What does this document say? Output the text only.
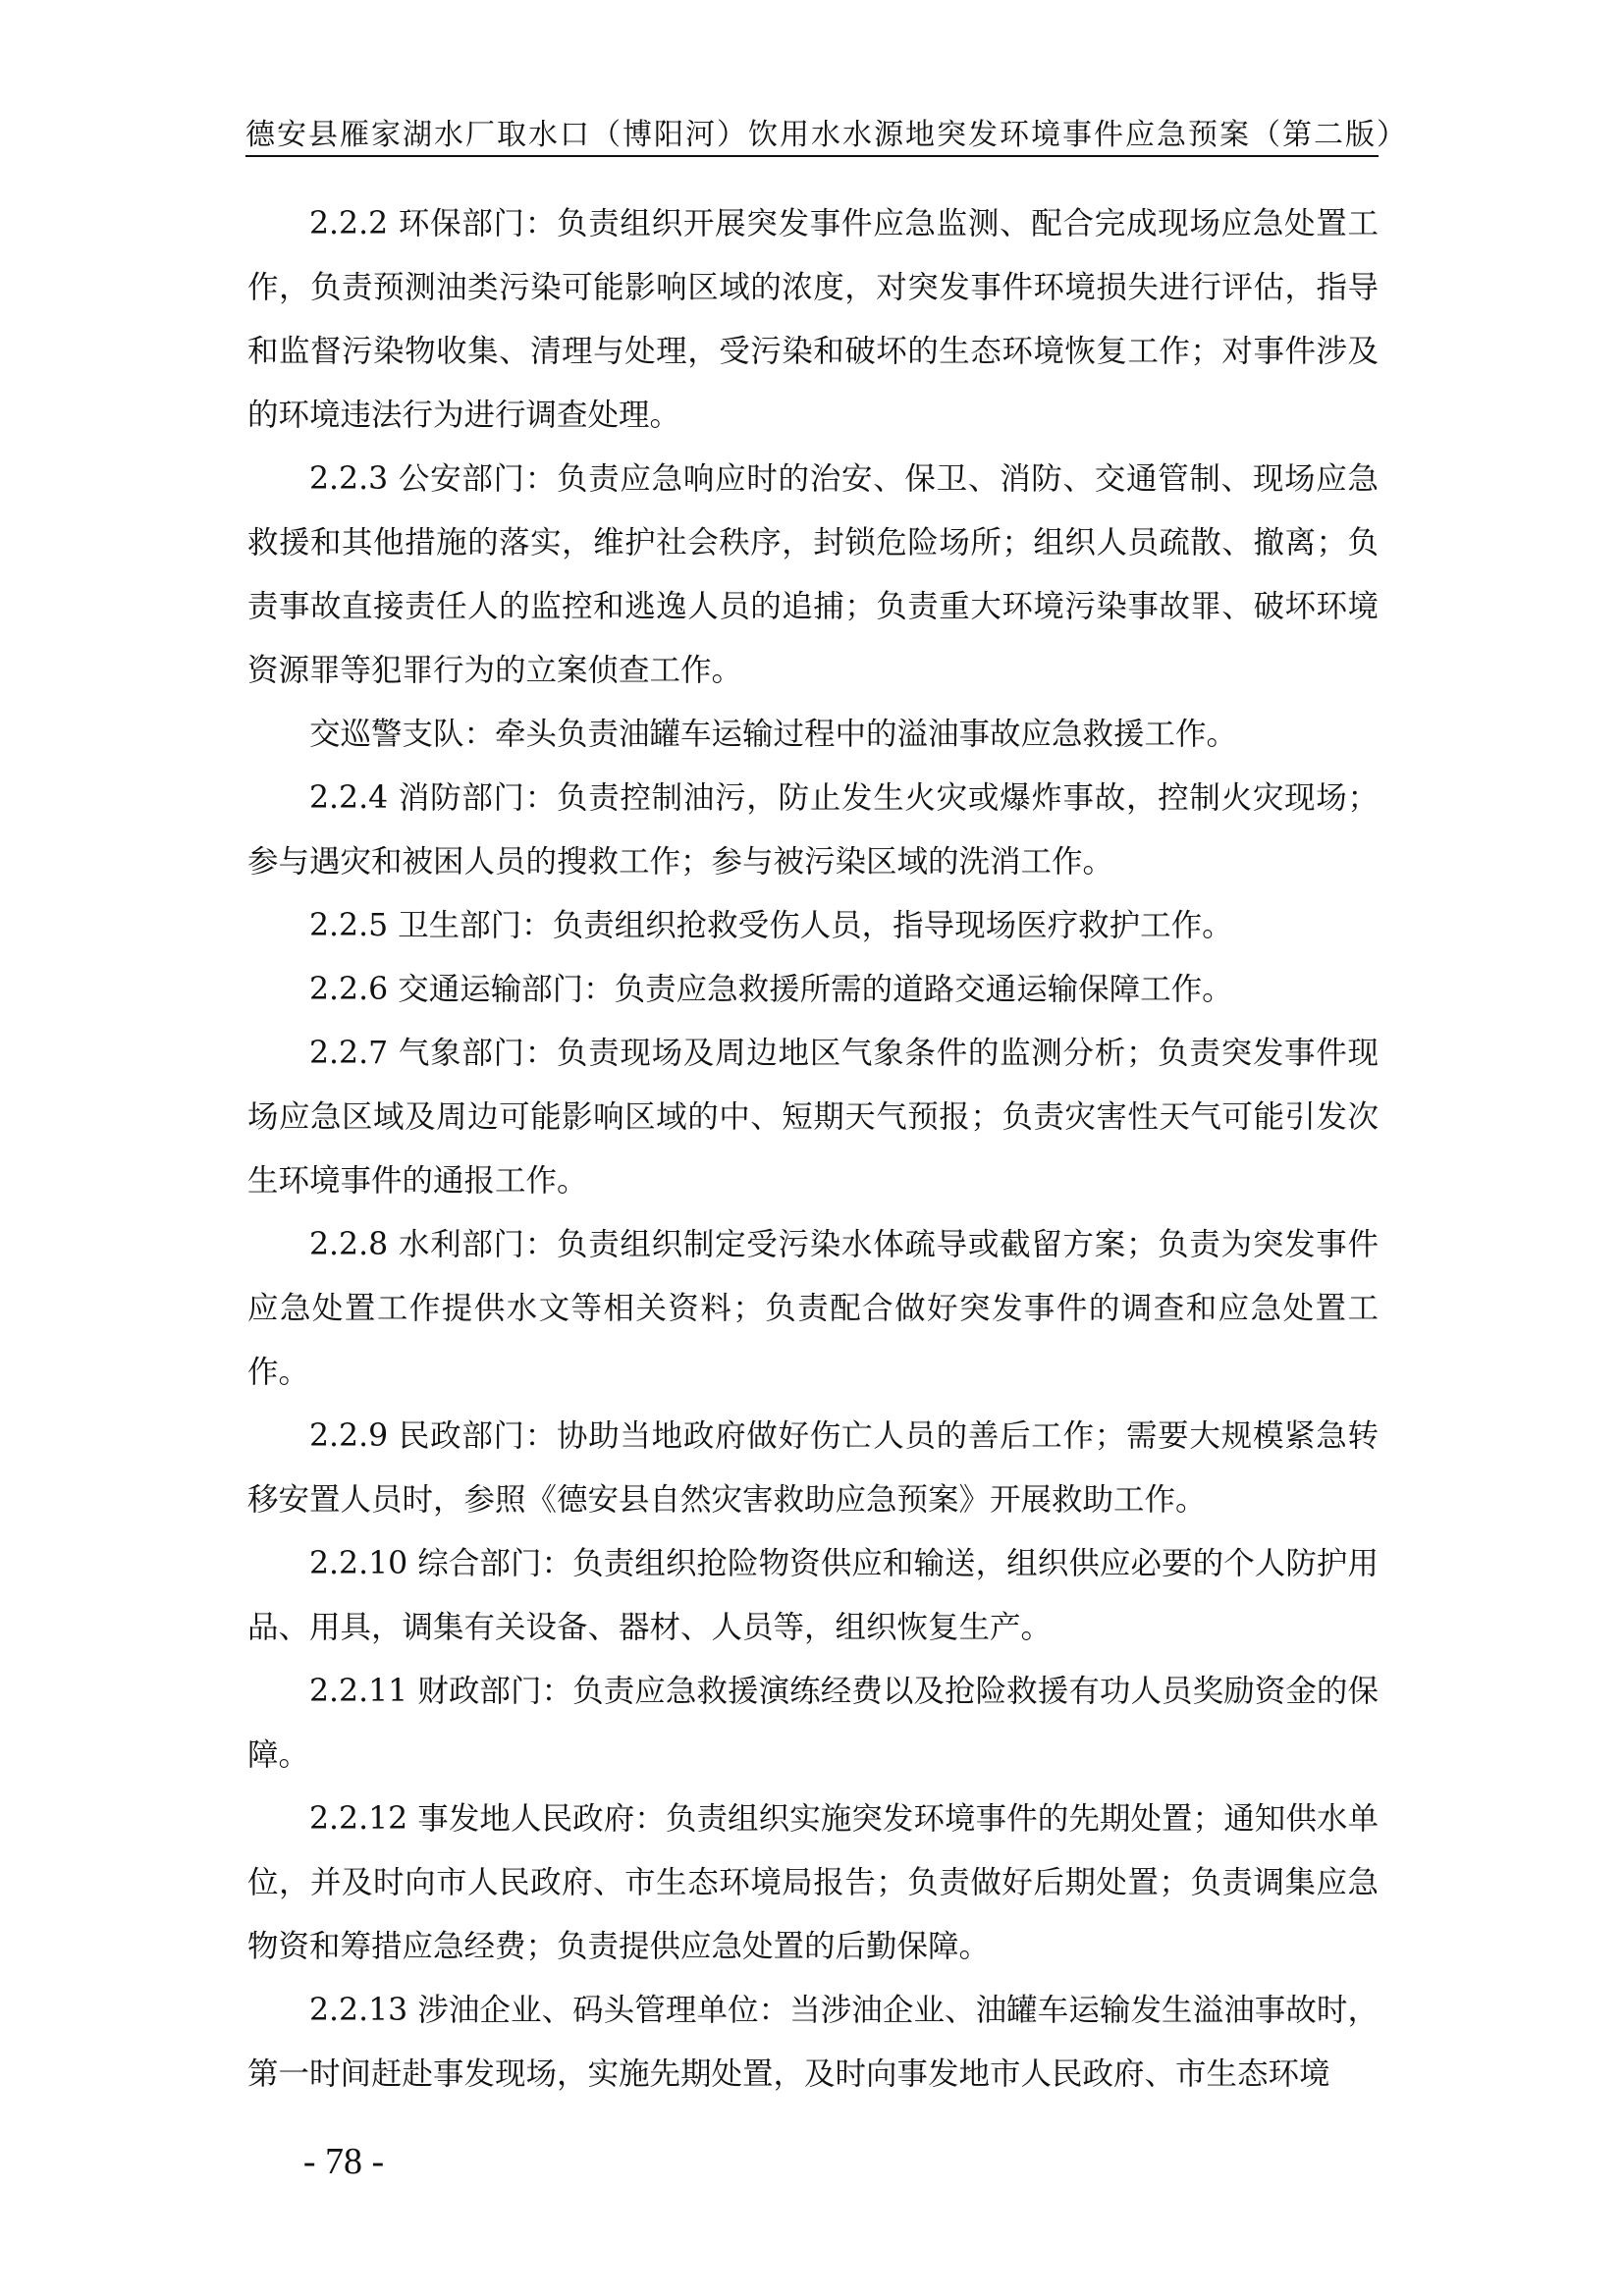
德安县雁家湖水厂取水口（博阳河）饮用水水源地突发环境事件应急预案（第二版）

2.2.2 环保部门：负责组织开展突发事件应急监测、配合完成现场应急处置工作，负责预测油类污染可能影响区域的浓度，对突发事件环境损失进行评估，指导和监督污染物收集、清理与处理，受污染和破坏的生态环境恢复工作；对事件涉及的环境违法行为进行调查处理。

2.2.3 公安部门：负责应急响应时的治安、保卫、消防、交通管制、现场应急救援和其他措施的落实，维护社会秩序，封锁危险场所；组织人员疏散、撤离；负责事故直接责任人的监控和逃逸人员的追捕；负责重大环境污染事故罪、破坏环境资源罪等犯罪行为的立案侦查工作。

交巡警支队：牵头负责油罐车运输过程中的溢油事故应急救援工作。

2.2.4 消防部门：负责控制油污，防止发生火灾或爆炸事故，控制火灾现场；参与遇灾和被困人员的搜救工作；参与被污染区域的洗消工作。

2.2.5 卫生部门：负责组织抢救受伤人员，指导现场医疗救护工作。

2.2.6 交通运输部门：负责应急救援所需的道路交通运输保障工作。

2.2.7 气象部门：负责现场及周边地区气象条件的监测分析；负责突发事件现场应急区域及周边可能影响区域的中、短期天气预报；负责灾害性天气可能引发次生环境事件的通报工作。

2.2.8 水利部门：负责组织制定受污染水体疏导或截留方案；负责为突发事件应急处置工作提供水文等相关资料；负责配合做好突发事件的调查和应急处置工作。

2.2.9 民政部门：协助当地政府做好伤亡人员的善后工作；需要大规模紧急转移安置人员时，参照《德安县自然灾害救助应急预案》开展救助工作。

2.2.10 综合部门：负责组织抢险物资供应和输送，组织供应必要的个人防护用品、用具，调集有关设备、器材、人员等，组织恢复生产。

2.2.11 财政部门：负责应急救援演练经费以及抢险救援有功人员奖励资金的保障。

2.2.12 事发地人民政府：负责组织实施突发环境事件的先期处置；通知供水单位，并及时向市人民政府、市生态环境局报告；负责做好后期处置；负责调集应急物资和筹措应急经费；负责提供应急处置的后勤保障。

2.2.13 涉油企业、码头管理单位：当涉油企业、油罐车运输发生溢油事故时，第一时间赶赴事发现场，实施先期处置，及时向事发地市人民政府、市生态环境

- 78 -
